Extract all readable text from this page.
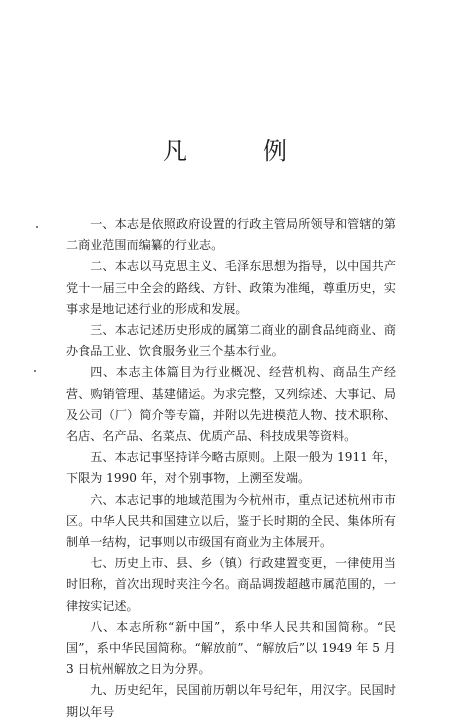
凡　例

一、本志是依照政府设置的行政主管局所领导和管辖的第二商业范围而编纂的行业志。

二、本志以马克思主义、毛泽东思想为指导，以中国共产党十一届三中全会的路线、方针、政策为准绳，尊重历史，实事求是地记述行业的形成和发展。

三、本志记述历史形成的属第二商业的副食品纯商业、商办食品工业、饮食服务业三个基本行业。

四、本志主体篇目为行业概况、经营机构、商品生产经营、购销管理、基建储运。为求完整，又列综述、大事记、局及公司（厂）简介等专篇，并附以先进模范人物、技术职称、名店、名产品、名菜点、优质产品、科技成果等资料。

五、本志记事坚持详今略古原则。上限一般为 1911 年，下限为 1990 年，对个别事物，上溯至发端。

六、本志记事的地域范围为今杭州市，重点记述杭州市市区。中华人民共和国建立以后，鉴于长时期的全民、集体所有制单一结构，记事则以市级国有商业为主体展开。

七、历史上市、县、乡（镇）行政建置变更，一律使用当时旧称，首次出现时夹注今名。商品调拨超越市属范围的，一律按实记述。

八、本志所称“新中国”，系中华人民共和国简称。“民国”，系中华民国简称。“解放前”、“解放后”以 1949 年 5 月 3 日杭州解放之日为分界。

九、历史纪年，民国前历朝以年号纪年，用汉字。民国时期以年号
